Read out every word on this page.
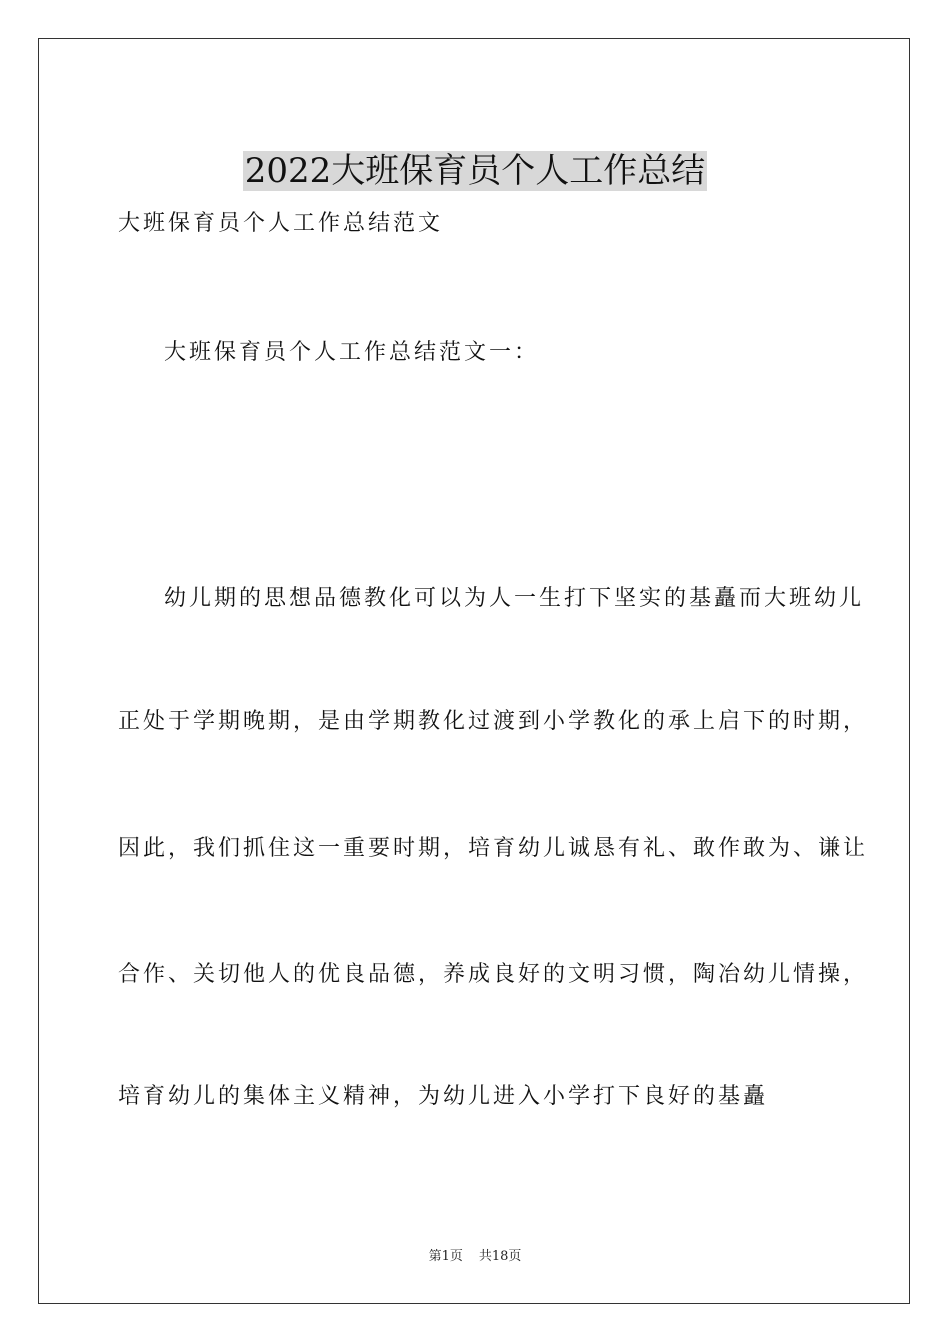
2022大班保育员个人工作总结
大班保育员个人工作总结范文
大班保育员个人工作总结范文一：
幼儿期的思想品德教化可以为人一生打下坚实的基矗而大班幼儿
正处于学期晚期，是由学期教化过渡到小学教化的承上启下的时期，
因此，我们抓住这一重要时期，培育幼儿诚恳有礼、敢作敢为、谦让
合作、关切他人的优良品德，养成良好的文明习惯，陶冶幼儿情操，
培育幼儿的集体主义精神，为幼儿进入小学打下良好的基矗
第1页 共18页
